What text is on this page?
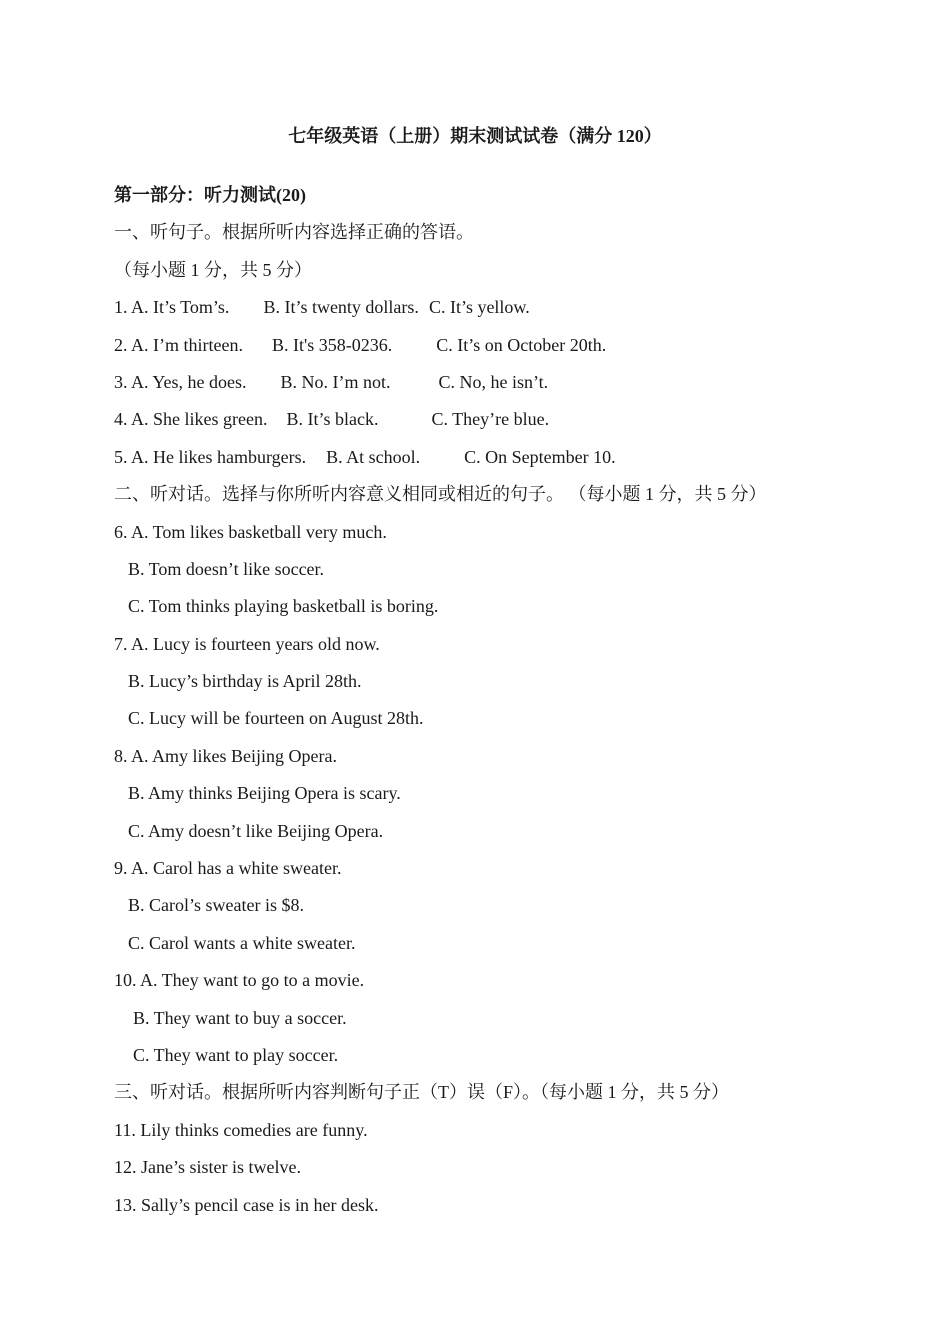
七年级英语（上册）期末测试试卷（满分 120）
第一部分：听力测试(20)
一、听句子。根据所听内容选择正确的答语。
（每小题 1 分，共 5 分）
1. A. It’s Tom’s. B. It’s twenty dollars. C. It’s yellow.
2. A. I’m thirteen. B. It's 358-0236. C. It’s on October 20th.
3. A. Yes, he does. B. No. I’m not.	C. No, he isn’t.
4. A. She likes green. B. It’s black.	C. They’re blue.
5. A. He likes hamburgers. B. At school. C. On September 10.
二、听对话。选择与你所听内容意义相同或相近的句子。 （每小题 1 分，共 5 分）
6. A. Tom likes basketball very much.
B. Tom doesn’t like soccer.
C. Tom thinks playing basketball is boring.
7. A. Lucy is fourteen years old now.
B. Lucy’s birthday is April 28th.
C. Lucy will be fourteen on August 28th.
8. A. Amy likes Beijing Opera.
B. Amy thinks Beijing Opera is scary.
C. Amy doesn’t like Beijing Opera.
9. A. Carol has a white sweater.
B. Carol’s sweater is $8.
C. Carol wants a white sweater.
10. A. They want to go to a movie.
B. They want to buy a soccer.
C. They want to play soccer.
三、听对话。根据所听内容判断句子正（T）误（F）。（每小题 1 分，共 5 分）
11. Lily thinks comedies are funny.
12. Jane’s sister is twelve.
13. Sally’s pencil case is in her desk.
